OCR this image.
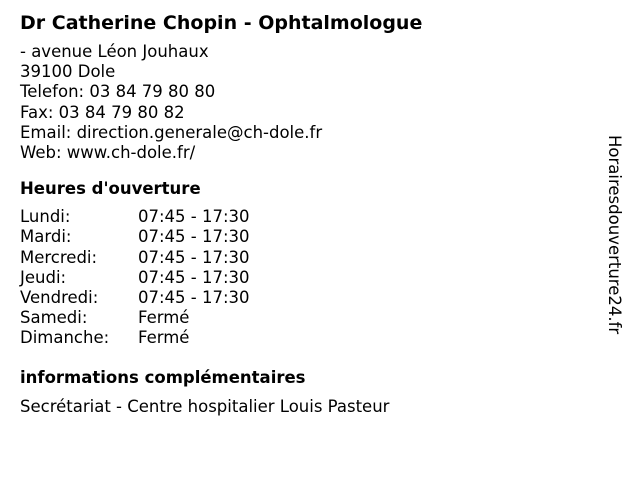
Dr Catherine Chopin - Ophtalmologue
- avenue Léon Jouhaux
39100 Dole
Telefon: 03 84 79 80 80
Fax: 03 84 79 80 82
Email: direction.generale@ch-dole.fr
Web: www.ch-dole.fr/
Heures d'ouverture
Lundi:	07:45 - 17:30
Mardi:	07:45 - 17:30
Mercredi:	07:45 - 17:30
Jeudi:	07:45 - 17:30
Vendredi:	07:45 - 17:30
Samedi:	Fermé
Dimanche:	Fermé
informations complémentaires
Secrétariat - Centre hospitalier Louis Pasteur
Horairesdouverture24.fr
